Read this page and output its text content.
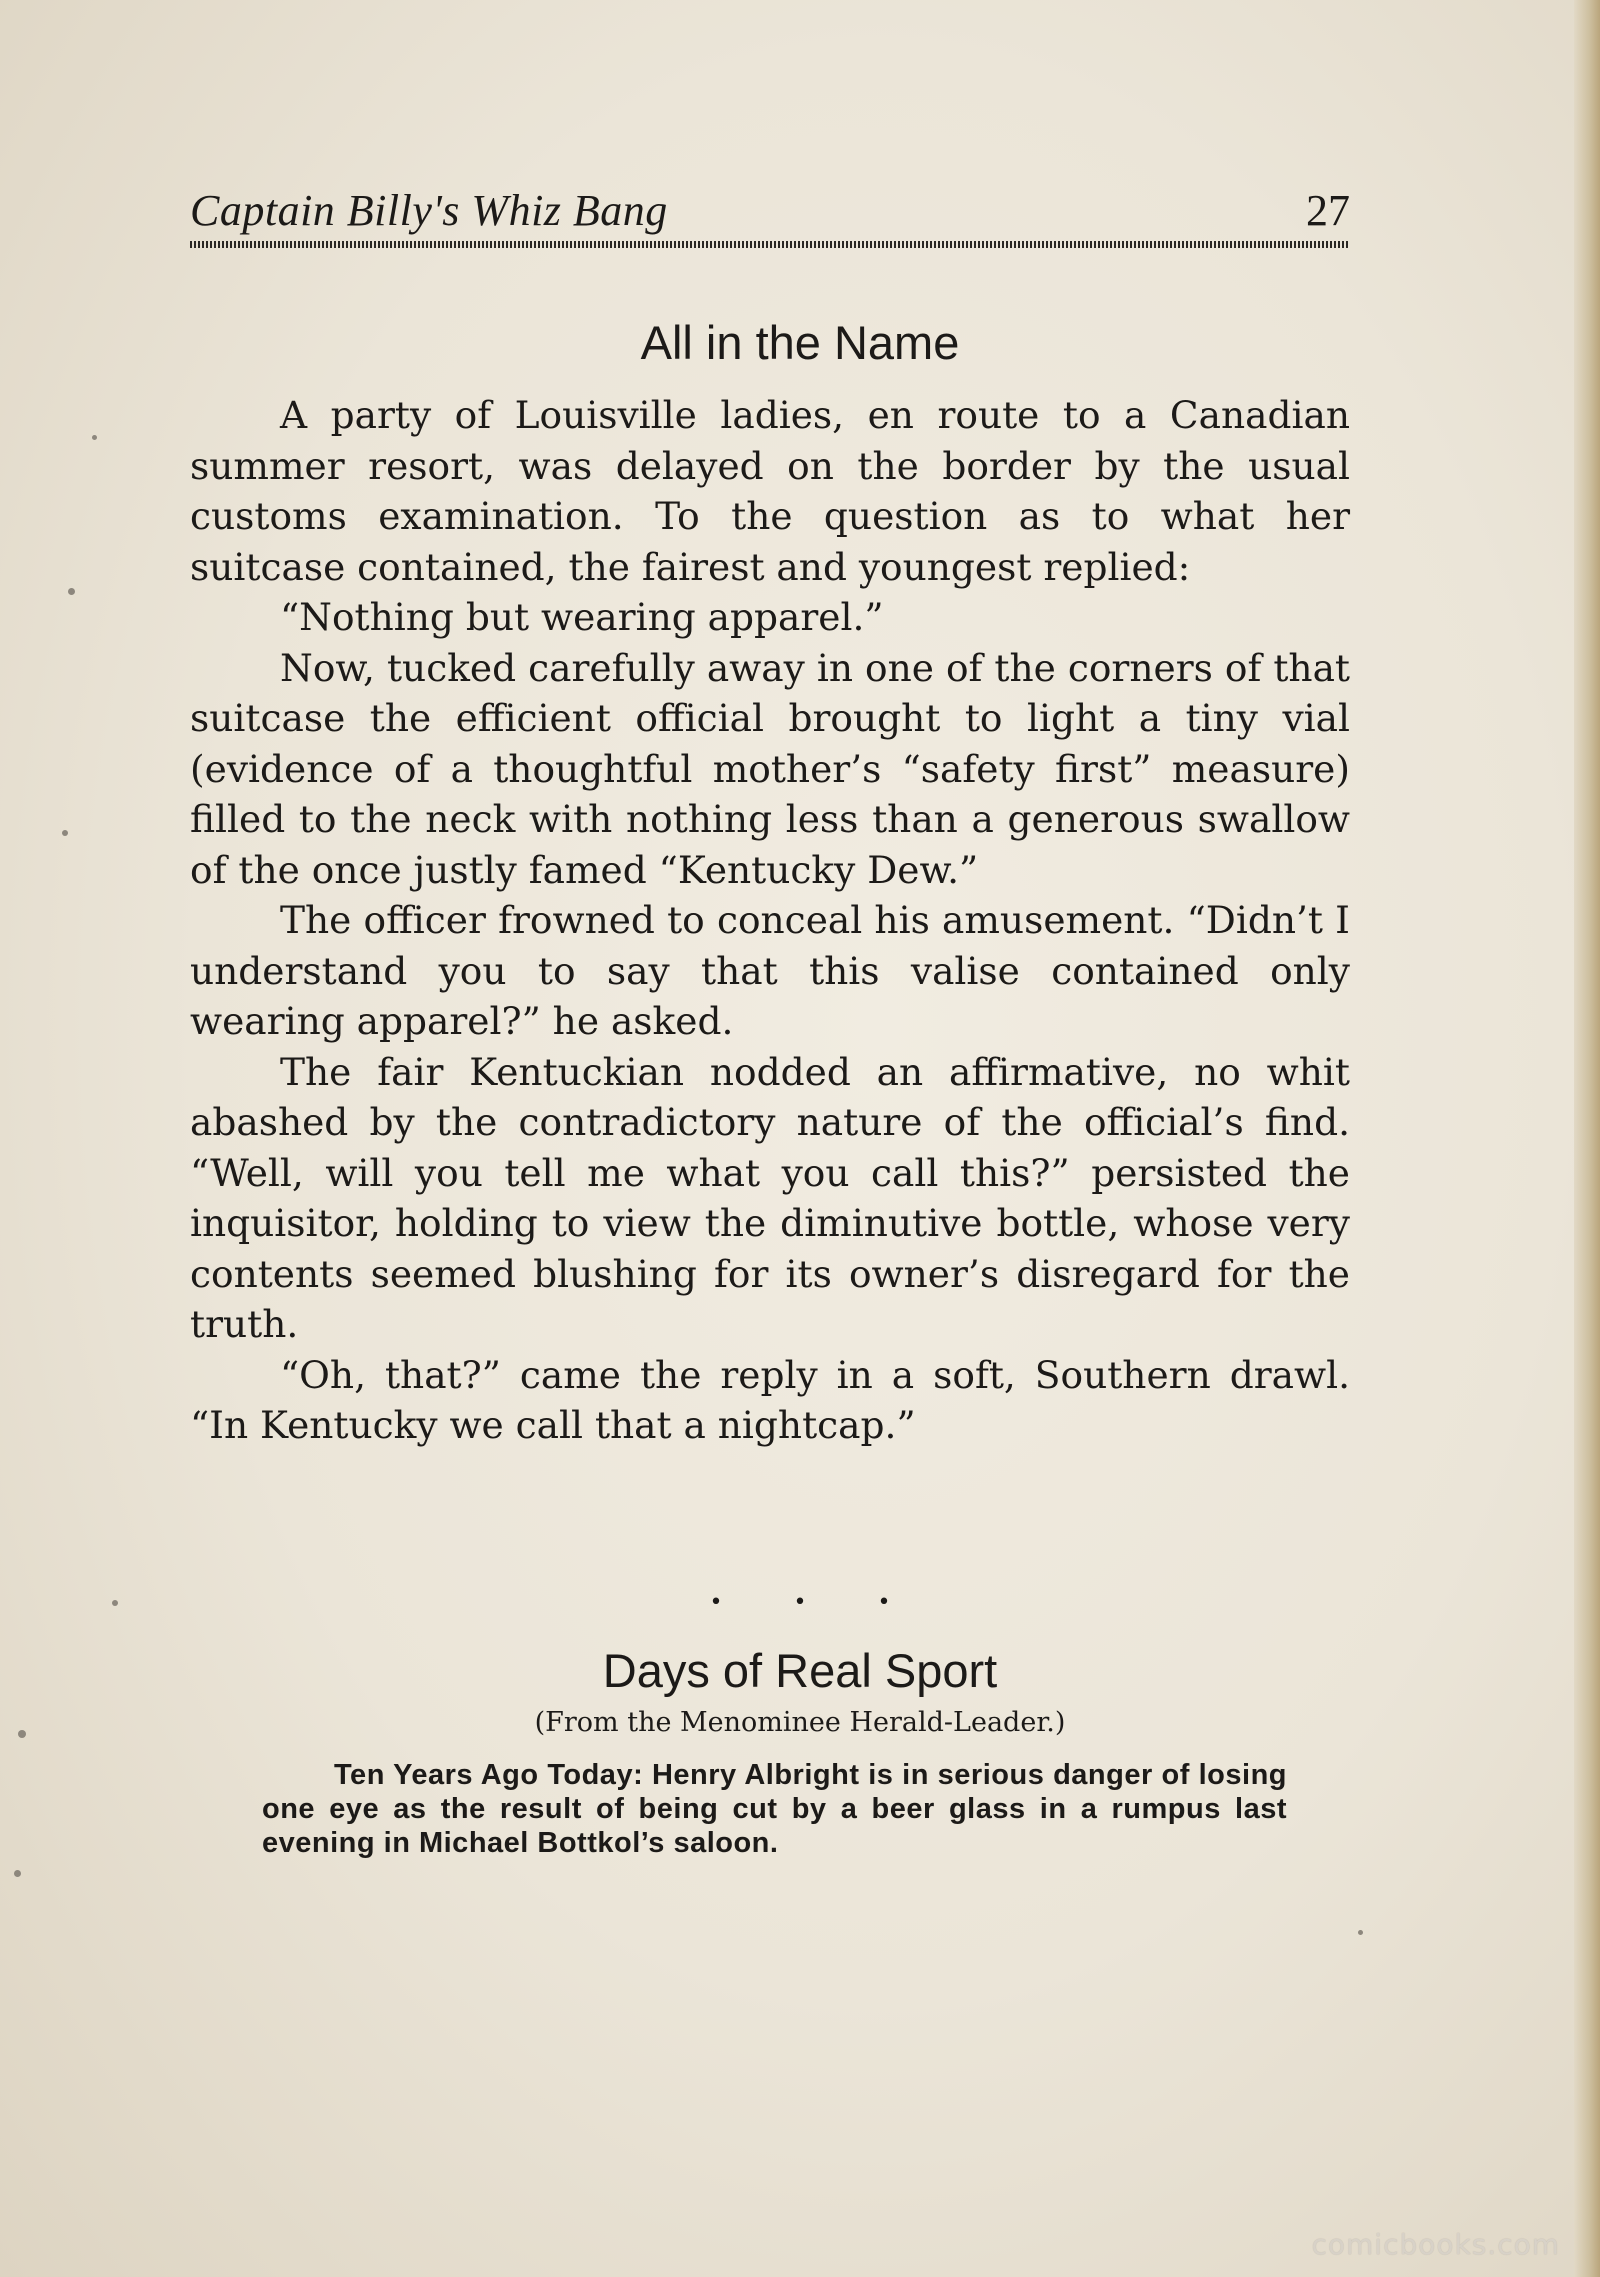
Captain Billy's Whiz Bang	27
All in the Name

A party of Louisville ladies, en route to a Canadian summer resort, was delayed on the border by the usual customs examination. To the question as to what her suitcase contained, the fairest and youngest replied:

“Nothing but wearing apparel.”

Now, tucked carefully away in one of the corners of that suitcase the efficient official brought to light a tiny vial (evidence of a thoughtful mother’s “safety first” measure) filled to the neck with nothing less than a generous swallow of the once justly famed “Kentucky Dew.”

The officer frowned to conceal his amusement. “Didn’t I understand you to say that this valise contained only wearing apparel?” he asked.

The fair Kentuckian nodded an affirmative, no whit abashed by the contradictory nature of the official’s find. “Well, will you tell me what you call this?” persisted the inquisitor, holding to view the diminutive bottle, whose very contents seemed blushing for its owner’s disregard for the truth.

“Oh, that?” came the reply in a soft, Southern drawl. “In Kentucky we call that a nightcap.”

•	•	•
Days of Real Sport
(From the Menominee Herald-Leader.)

Ten Years Ago Today: Henry Albright is in serious danger of losing one eye as the result of being cut by a beer glass in a rumpus last evening in Michael Bottkol’s saloon.

comicbooks.com
